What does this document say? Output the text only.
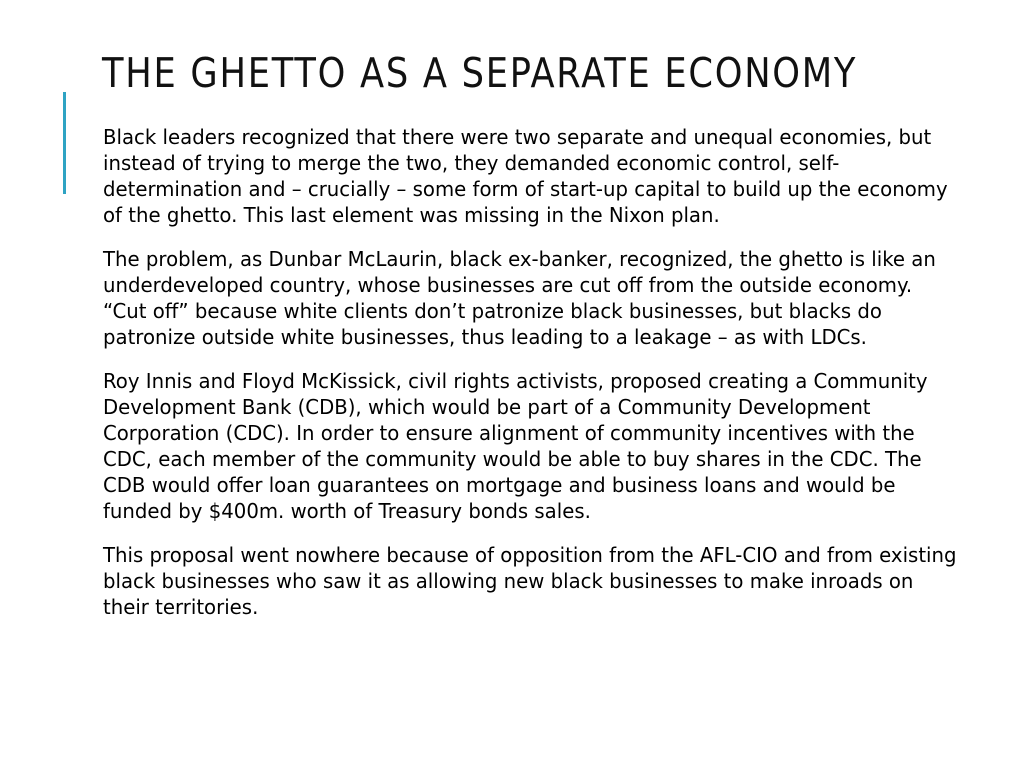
THE GHETTO AS A SEPARATE ECONOMY

Black leaders recognized that there were two separate and unequal economies, but instead of trying to merge the two, they demanded economic control, self-determination and – crucially – some form of start-up capital to build up the economy of the ghetto. This last element was missing in the Nixon plan.

The problem, as Dunbar McLaurin, black ex-banker, recognized, the ghetto is like an underdeveloped country, whose businesses are cut off from the outside economy. “Cut off” because white clients don’t patronize black businesses, but blacks do patronize outside white businesses, thus leading to a leakage – as with LDCs.

Roy Innis and Floyd McKissick, civil rights activists, proposed creating a Community Development Bank (CDB), which would be part of a Community Development Corporation (CDC). In order to ensure alignment of community incentives with the CDC, each member of the community would be able to buy shares in the CDC. The CDB would offer loan guarantees on mortgage and business loans and would be funded by $400m. worth of Treasury bonds sales.

This proposal went nowhere because of opposition from the AFL-CIO and from existing black businesses who saw it as allowing new black businesses to make inroads on their territories.
